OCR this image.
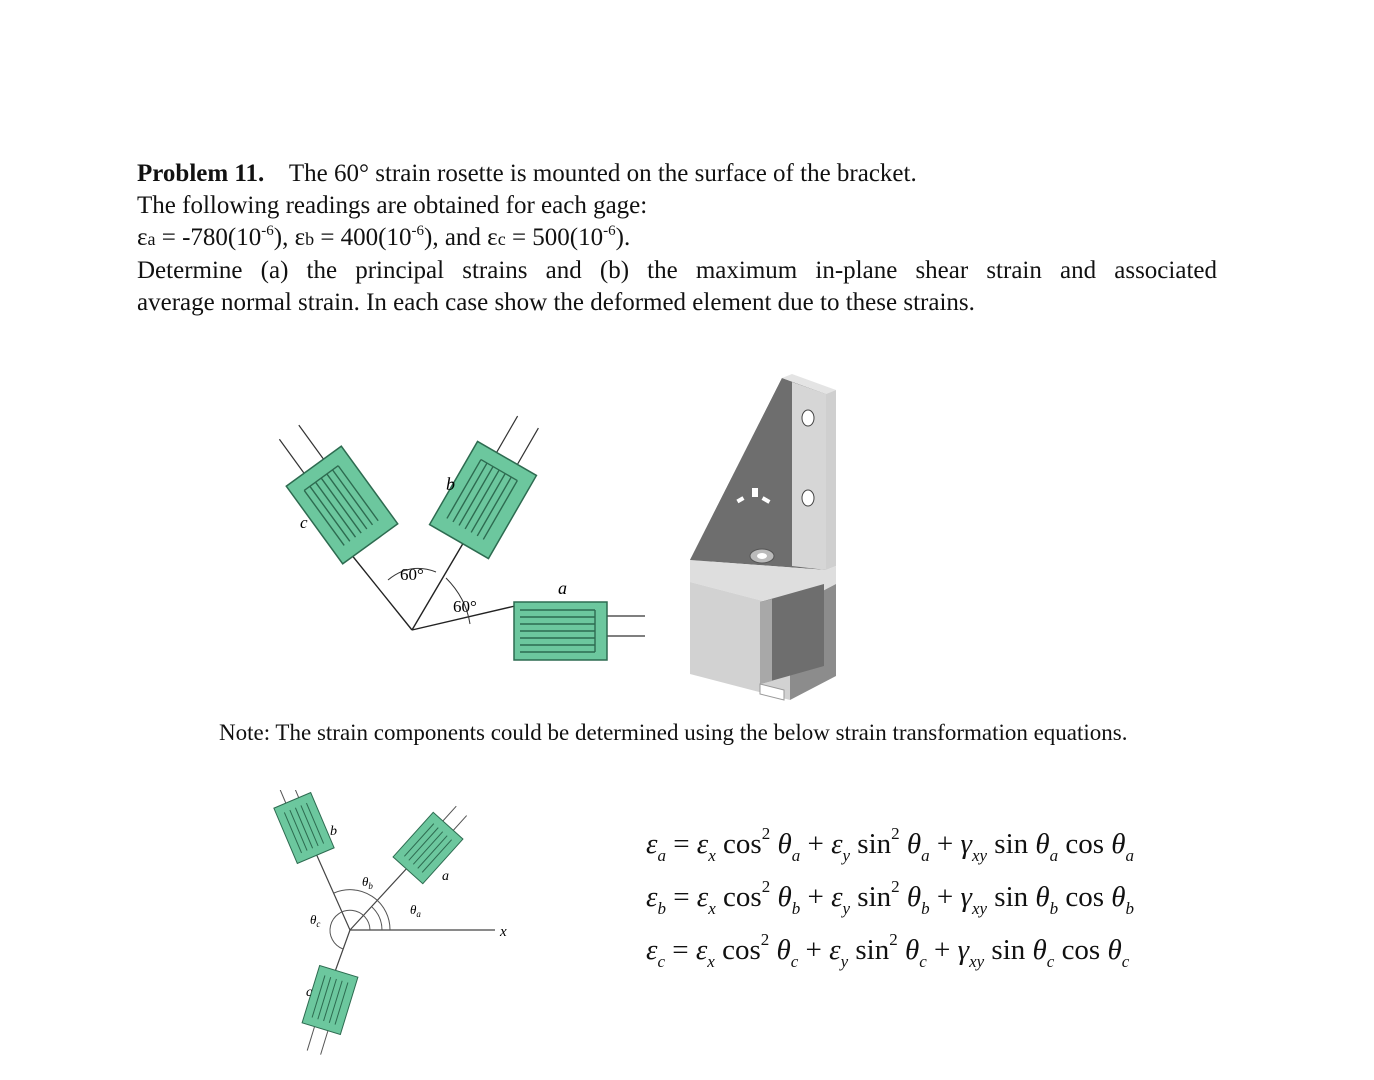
Problem 11. The 60° strain rosette is mounted on the surface of the bracket.
The following readings are obtained for each gage:
$\varepsilon a = -780(10^{-6})$, $\varepsilon b = 400(10^{-6})$, and $\varepsilon c = 500(10^{-6})$.
Determine (a) the principal strains and (b) the maximum in-plane shear strain and associated
average normal strain. In each case show the deformed element due to these strains.
60°
60°
c
b
a
Note: The strain components could be determined using the below strain transformation equations.
x
b
a
c
$\theta_b$
$\theta_a$
$\theta_c$
$\varepsilon_a = \varepsilon_x$ $\cos^2 \theta_a + \varepsilon_y$ $\sin^2 \theta_a + \gamma_{xy}$ $\sin \theta_a$ $\cos \theta_a$
$\varepsilon_b = \varepsilon_x$ $\cos^2 \theta_b + \varepsilon_y$ $\sin^2 \theta_b + \gamma_{xy}$ $\sin \theta_b$ $\cos \theta_b$
$\varepsilon_c = \varepsilon_x$ $\cos^2 \theta_c + \varepsilon_y$ $\sin^2 \theta_c + \gamma_{xy}$ $\sin \theta_c$ $\cos \theta_c$
